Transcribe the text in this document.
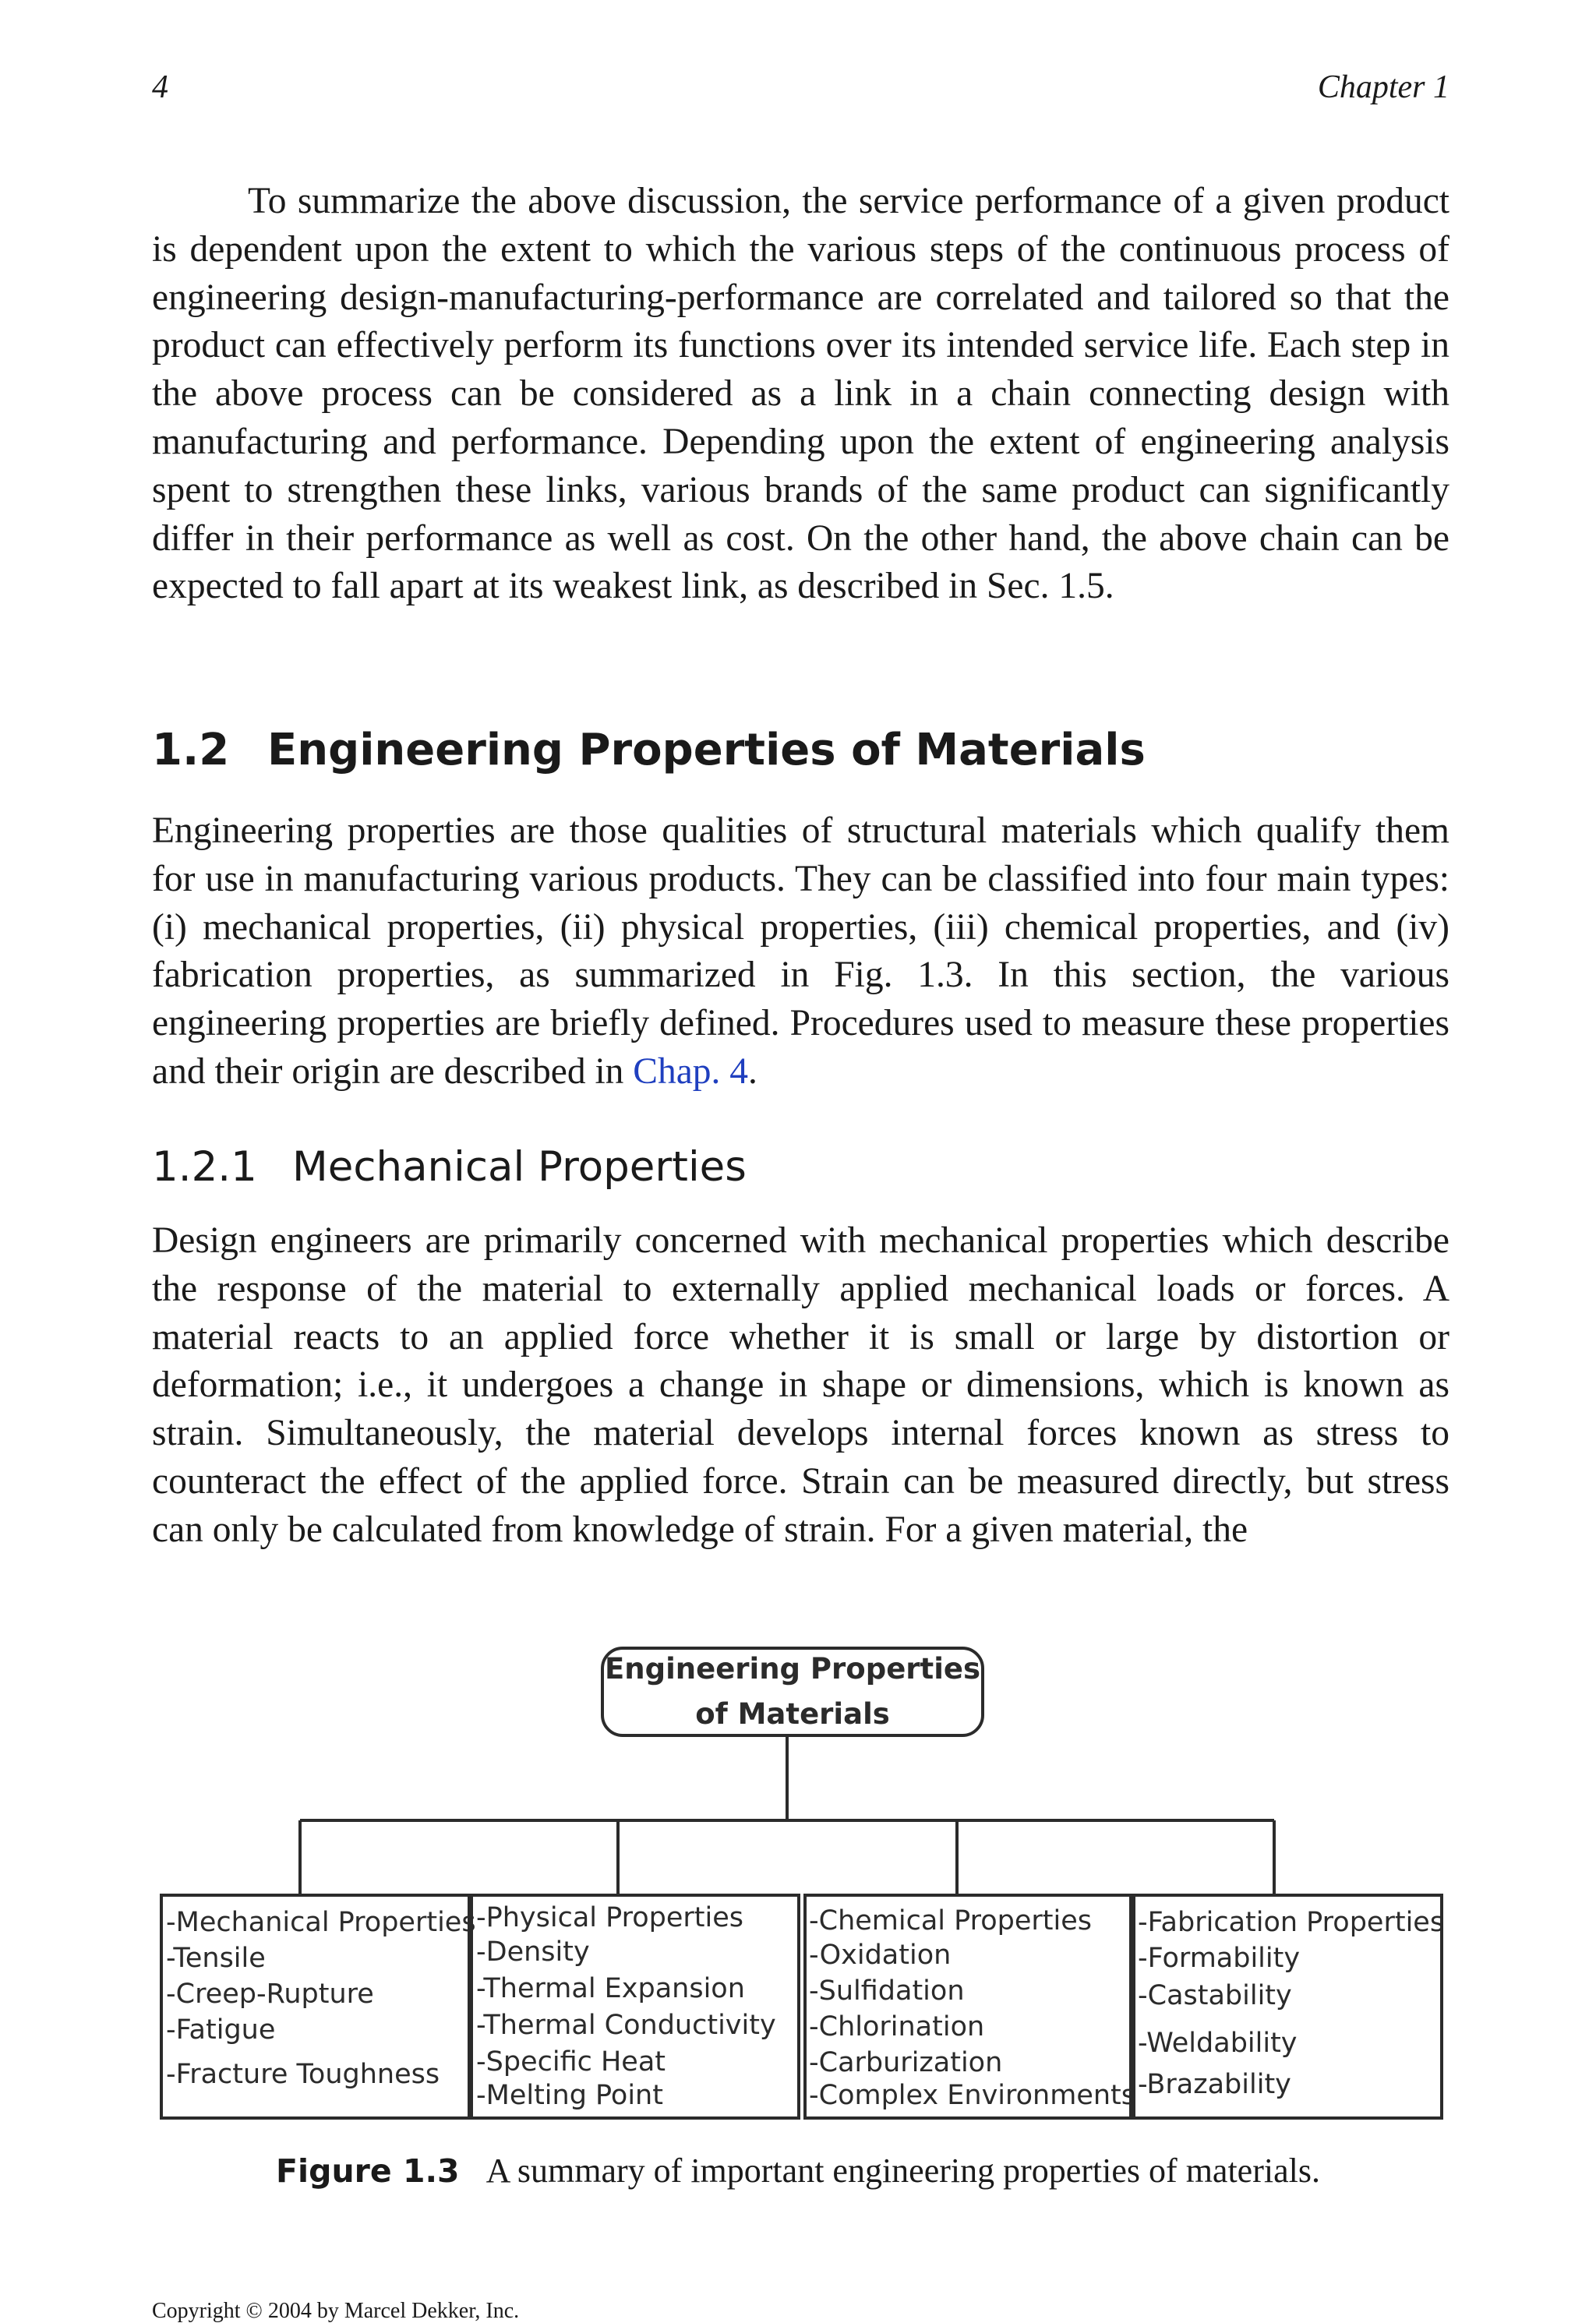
4	Chapter 1

To summarize the above discussion, the service performance of a given product is dependent upon the extent to which the various steps of the continuous process of engineering design-manufacturing-performance are correlated and tailored so that the product can effectively perform its functions over its intended service life. Each step in the above process can be considered as a link in a chain connecting design with manufacturing and performance. Depending upon the extent of engineering analysis spent to strengthen these links, various brands of the same product can significantly differ in their performance as well as cost. On the other hand, the above chain can be expected to fall apart at its weakest link, as described in Sec. 1.5.

1.2 Engineering Properties of Materials

Engineering properties are those qualities of structural materials which qualify them for use in manufacturing various products. They can be classified into four main types: (i) mechanical properties, (ii) physical properties, (iii) chemical properties, and (iv) fabrication properties, as summarized in Fig. 1.3. In this section, the various engineering properties are briefly defined. Procedures used to measure these properties and their origin are described in Chap. 4.

1.2.1 Mechanical Properties

Design engineers are primarily concerned with mechanical properties which describe the response of the material to externally applied mechanical loads or forces. A material reacts to an applied force whether it is small or large by distortion or deformation; i.e., it undergoes a change in shape or dimensions, which is known as strain. Simultaneously, the material develops internal forces known as stress to counteract the effect of the applied force. Strain can be measured directly, but stress can only be calculated from knowledge of strain. For a given material, the

Engineering Properties
of Materials
-Mechanical Properties
-Tensile
-Creep-Rupture
-Fatigue
-Fracture Toughness
-Physical Properties
-Density
-Thermal Expansion
-Thermal Conductivity
-Specific Heat
-Melting Point
-Chemical Properties
-Oxidation
-Sulfidation
-Chlorination
-Carburization
-Complex Environments
-Fabrication Properties
-Formability
-Castability
-Weldability
-Brazability
Figure 1.3 A summary of important engineering properties of materials.

Copyright © 2004 by Marcel Dekker, Inc.
